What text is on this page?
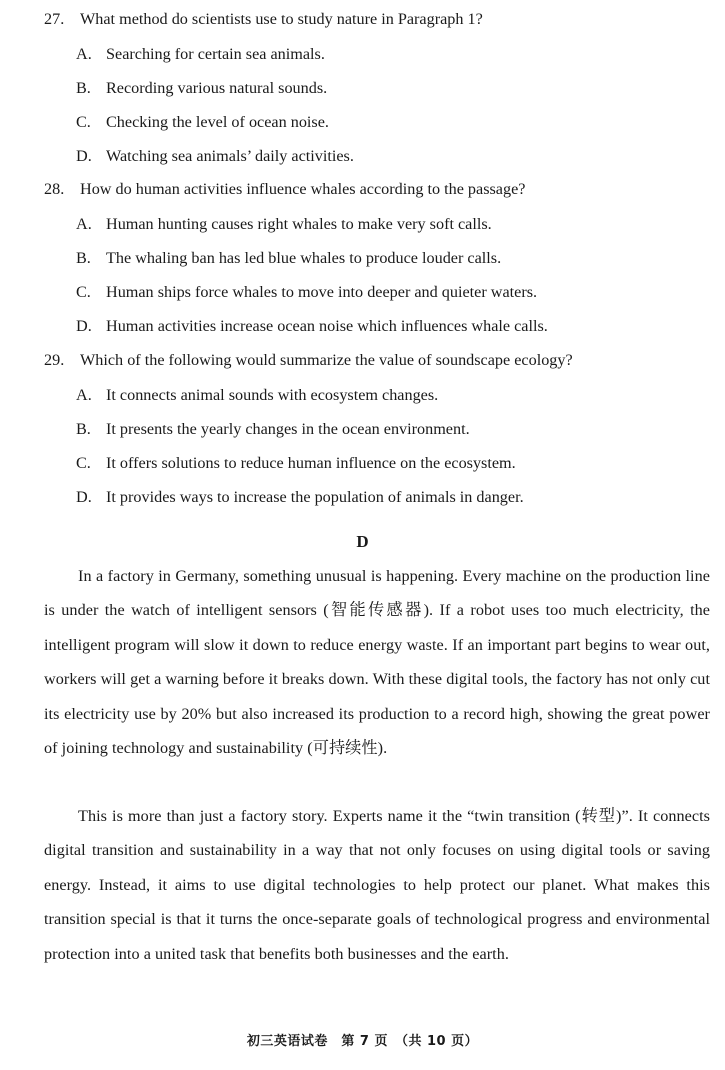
27. What method do scientists use to study nature in Paragraph 1?
A. Searching for certain sea animals.
B. Recording various natural sounds.
C. Checking the level of ocean noise.
D. Watching sea animals’ daily activities.
28. How do human activities influence whales according to the passage?
A. Human hunting causes right whales to make very soft calls.
B. The whaling ban has led blue whales to produce louder calls.
C. Human ships force whales to move into deeper and quieter waters.
D. Human activities increase ocean noise which influences whale calls.
29. Which of the following would summarize the value of soundscape ecology?
A. It connects animal sounds with ecosystem changes.
B. It presents the yearly changes in the ocean environment.
C. It offers solutions to reduce human influence on the ecosystem.
D. It provides ways to increase the population of animals in danger.
D

In a factory in Germany, something unusual is happening. Every machine on the production line is under the watch of intelligent sensors (智能传感器). If a robot uses too much electricity, the intelligent program will slow it down to reduce energy waste. If an important part begins to wear out, workers will get a warning before it breaks down. With these digital tools, the factory has not only cut its electricity use by 20% but also increased its production to a record high, showing the great power of joining technology and sustainability (可持续性).

This is more than just a factory story. Experts name it the “twin transition (转型)”. It connects digital transition and sustainability in a way that not only focuses on using digital tools or saving energy. Instead, it aims to use digital technologies to help protect our planet. What makes this transition special is that it turns the once-separate goals of technological progress and environmental protection into a united task that benefits both businesses and the earth.

初三英语试卷　第 7 页　（共 10 页）
